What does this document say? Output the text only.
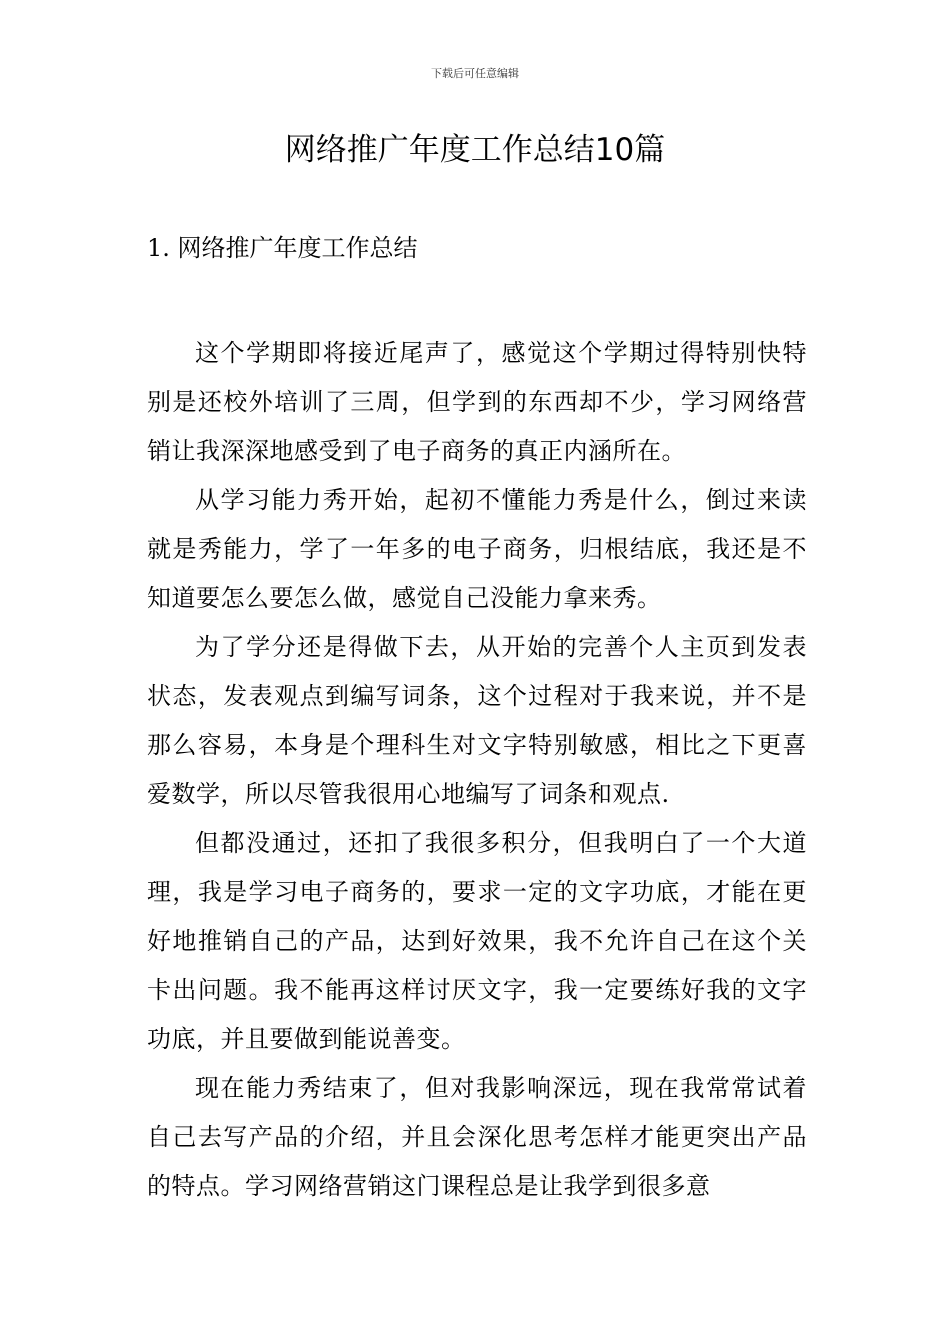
下载后可任意编辑
网络推广年度工作总结10篇
1. 网络推广年度工作总结

这个学期即将接近尾声了，感觉这个学期过得特别快特别是还校外培训了三周，但学到的东西却不少，学习网络营销让我深深地感受到了电子商务的真正内涵所在。

从学习能力秀开始，起初不懂能力秀是什么，倒过来读就是秀能力，学了一年多的电子商务，归根结底，我还是不知道要怎么要怎么做，感觉自己没能力拿来秀。

为了学分还是得做下去，从开始的完善个人主页到发表状态，发表观点到编写词条，这个过程对于我来说，并不是那么容易，本身是个理科生对文字特别敏感，相比之下更喜爱数学，所以尽管我很用心地编写了词条和观点.

但都没通过，还扣了我很多积分，但我明白了一个大道理，我是学习电子商务的，要求一定的文字功底，才能在更好地推销自己的产品，达到好效果，我不允许自己在这个关卡出问题。我不能再这样讨厌文字，我一定要练好我的文字功底，并且要做到能说善变。

现在能力秀结束了，但对我影响深远，现在我常常试着自己去写产品的介绍，并且会深化思考怎样才能更突出产品的特点。学习网络营销这门课程总是让我学到很多意
